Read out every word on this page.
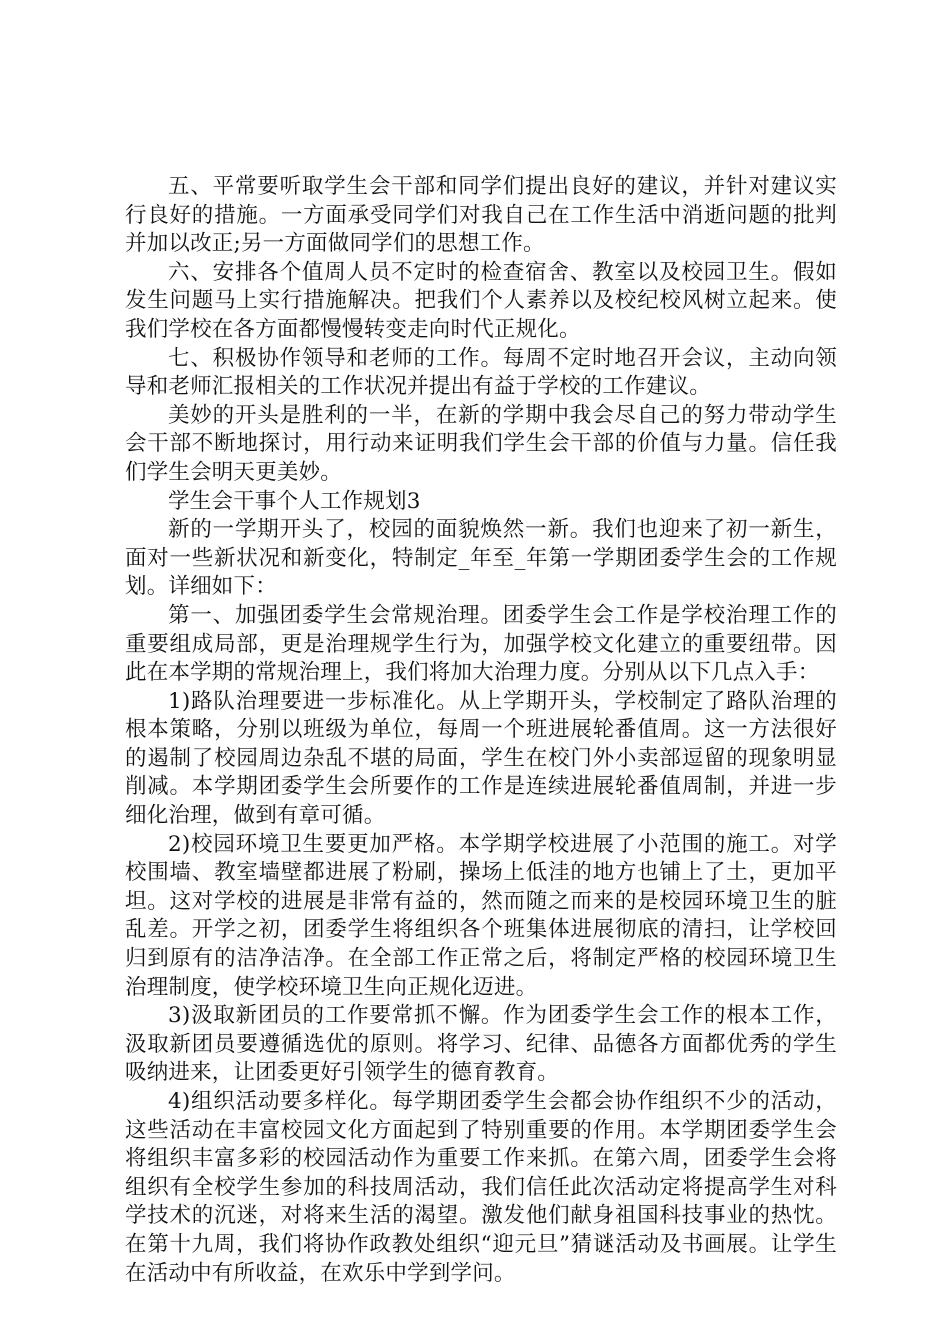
五、平常要听取学生会干部和同学们提出良好的建议，并针对建议实行良好的措施。一方面承受同学们对我自己在工作生活中消逝问题的批判并加以改正;另一方面做同学们的思想工作。

六、安排各个值周人员不定时的检查宿舍、教室以及校园卫生。假如发生问题马上实行措施解决。把我们个人素养以及校纪校风树立起来。使我们学校在各方面都慢慢转变走向时代正规化。

七、积极协作领导和老师的工作。每周不定时地召开会议，主动向领导和老师汇报相关的工作状况并提出有益于学校的工作建议。

美妙的开头是胜利的一半，在新的学期中我会尽自己的努力带动学生会干部不断地探讨，用行动来证明我们学生会干部的价值与力量。信任我们学生会明天更美妙。

学生会干事个人工作规划3

新的一学期开头了，校园的面貌焕然一新。我们也迎来了初一新生，面对一些新状况和新变化，特制定_年至_年第一学期团委学生会的工作规划。详细如下：

第一、加强团委学生会常规治理。团委学生会工作是学校治理工作的重要组成局部，更是治理规学生行为，加强学校文化建立的重要纽带。因此在本学期的常规治理上，我们将加大治理力度。分别从以下几点入手：

1)路队治理要进一步标准化。从上学期开头，学校制定了路队治理的根本策略，分别以班级为单位，每周一个班进展轮番值周。这一方法很好的遏制了校园周边杂乱不堪的局面，学生在校门外小卖部逗留的现象明显削减。本学期团委学生会所要作的工作是连续进展轮番值周制，并进一步细化治理，做到有章可循。

2)校园环境卫生要更加严格。本学期学校进展了小范围的施工。对学校围墙、教室墙壁都进展了粉刷，操场上低洼的地方也铺上了土，更加平坦。这对学校的进展是非常有益的，然而随之而来的是校园环境卫生的脏乱差。开学之初，团委学生将组织各个班集体进展彻底的清扫，让学校回归到原有的洁净洁净。在全部工作正常之后，将制定严格的校园环境卫生治理制度，使学校环境卫生向正规化迈进。

3)汲取新团员的工作要常抓不懈。作为团委学生会工作的根本工作，汲取新团员要遵循选优的原则。将学习、纪律、品德各方面都优秀的学生吸纳进来，让团委更好引领学生的德育教育。

4)组织活动要多样化。每学期团委学生会都会协作组织不少的活动，这些活动在丰富校园文化方面起到了特别重要的作用。本学期团委学生会将组织丰富多彩的校园活动作为重要工作来抓。在第六周，团委学生会将组织有全校学生参加的科技周活动，我们信任此次活动定将提高学生对科学技术的沉迷，对将来生活的渴望。激发他们献身祖国科技事业的热忱。在第十九周，我们将协作政教处组织“迎元旦”猜谜活动及书画展。让学生在活动中有所收益，在欢乐中学到学问。
